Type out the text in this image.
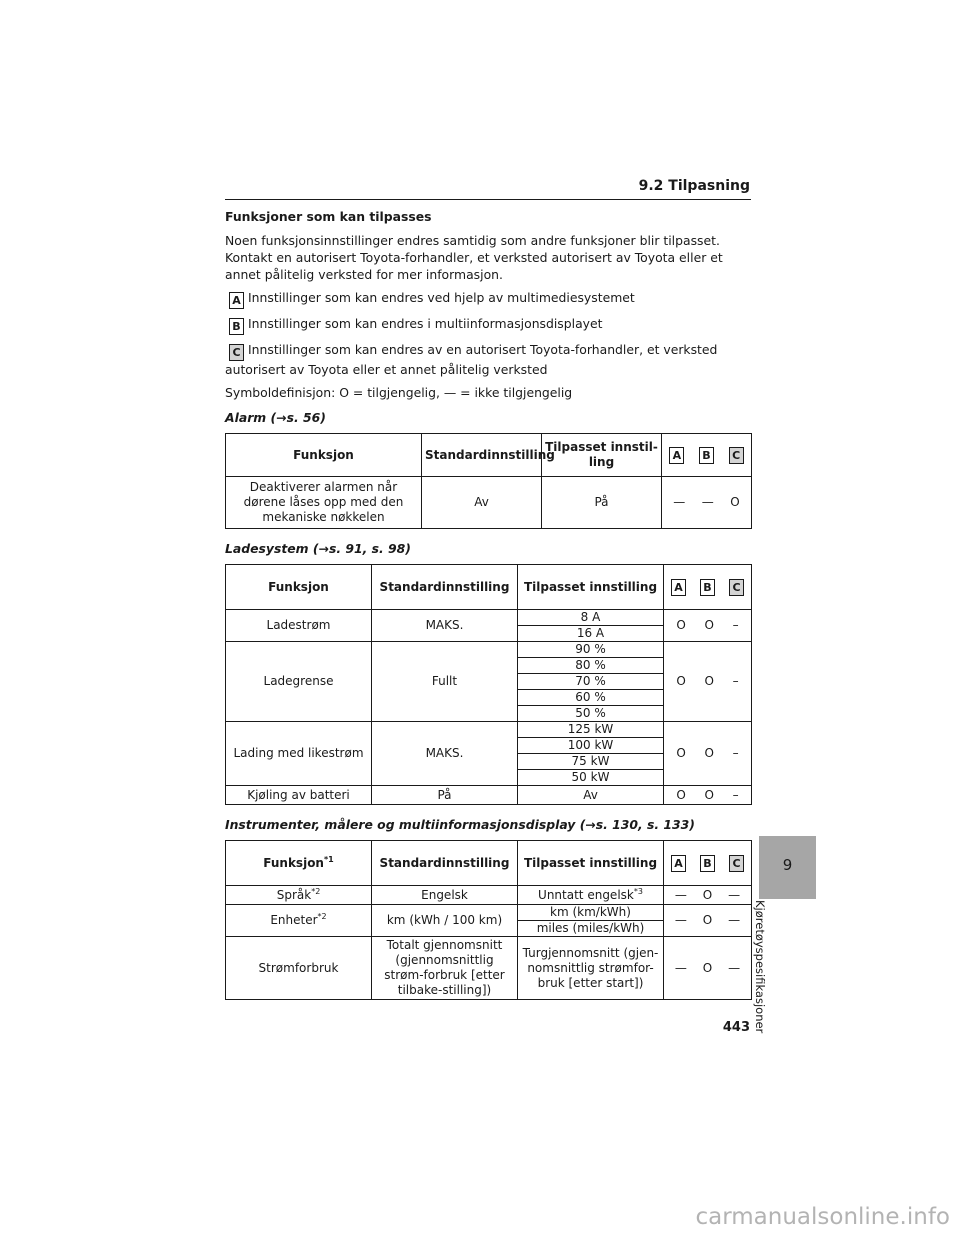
9.2 Tilpasning
Funksjoner som kan tilpasses
Noen funksjonsinnstillinger endres samtidig som andre funksjoner blir tilpasset. Kontakt en autorisert Toyota-forhandler, et verksted autorisert av Toyota eller et annet pålitelig verksted for mer informasjon.
A Innstillinger som kan endres ved hjelp av multimediesystemet
B Innstillinger som kan endres i multiinformasjonsdisplayet
C Innstillinger som kan endres av en autorisert Toyota-forhandler, et verksted autorisert av Toyota eller et annet pålitelig verksted
Symboldefinisjon: O = tilgjengelig, — = ikke tilgjengelig
Alarm (→s. 56)
Funksjon	Standardinnstilling	Tilpasset innstil-ling	A B C

Deaktiverer alarmen når dørene låses opp med den mekaniske nøkkelen	Av	På	— — O
Ladesystem (→s. 91, s. 98)
Funksjon	Standardinnstilling	Tilpasset innstilling	A B C

Ladestrøm	MAKS.	8 A	O O –

		16 A	
Ladegrense	Fullt	90 %	O O –

		80 %	
		70 %	
		60 %	
		50 %	
Lading med likestrøm	MAKS.	125 kW	O O –

		100 kW	
		75 kW	
		50 kW	
Kjøling av batteri	På	Av	O O –
Instrumenter, målere og multiinformasjonsdisplay (→s. 130, s. 133)
Funksjon$^{*1}$	Standardinnstilling	Tilpasset innstilling	A B C

Språk$^{*2}$	Engelsk	Unntatt engelsk$^{*3}$	— O —

Enheter$^{*2}$	km (kWh / 100 km)	km (km/kWh)	— O —

		miles (miles/kWh)	
Strømforbruk	Totalt gjennomsnitt (gjennomsnittlig strøm-forbruk [etter tilbake-stilling])	Turgjennomsnitt (gjen-nomsnittlig strømfor-bruk [etter start])	— O —
9
Kjøretøyspesifikasjoner
443
carmanualsonline.info
